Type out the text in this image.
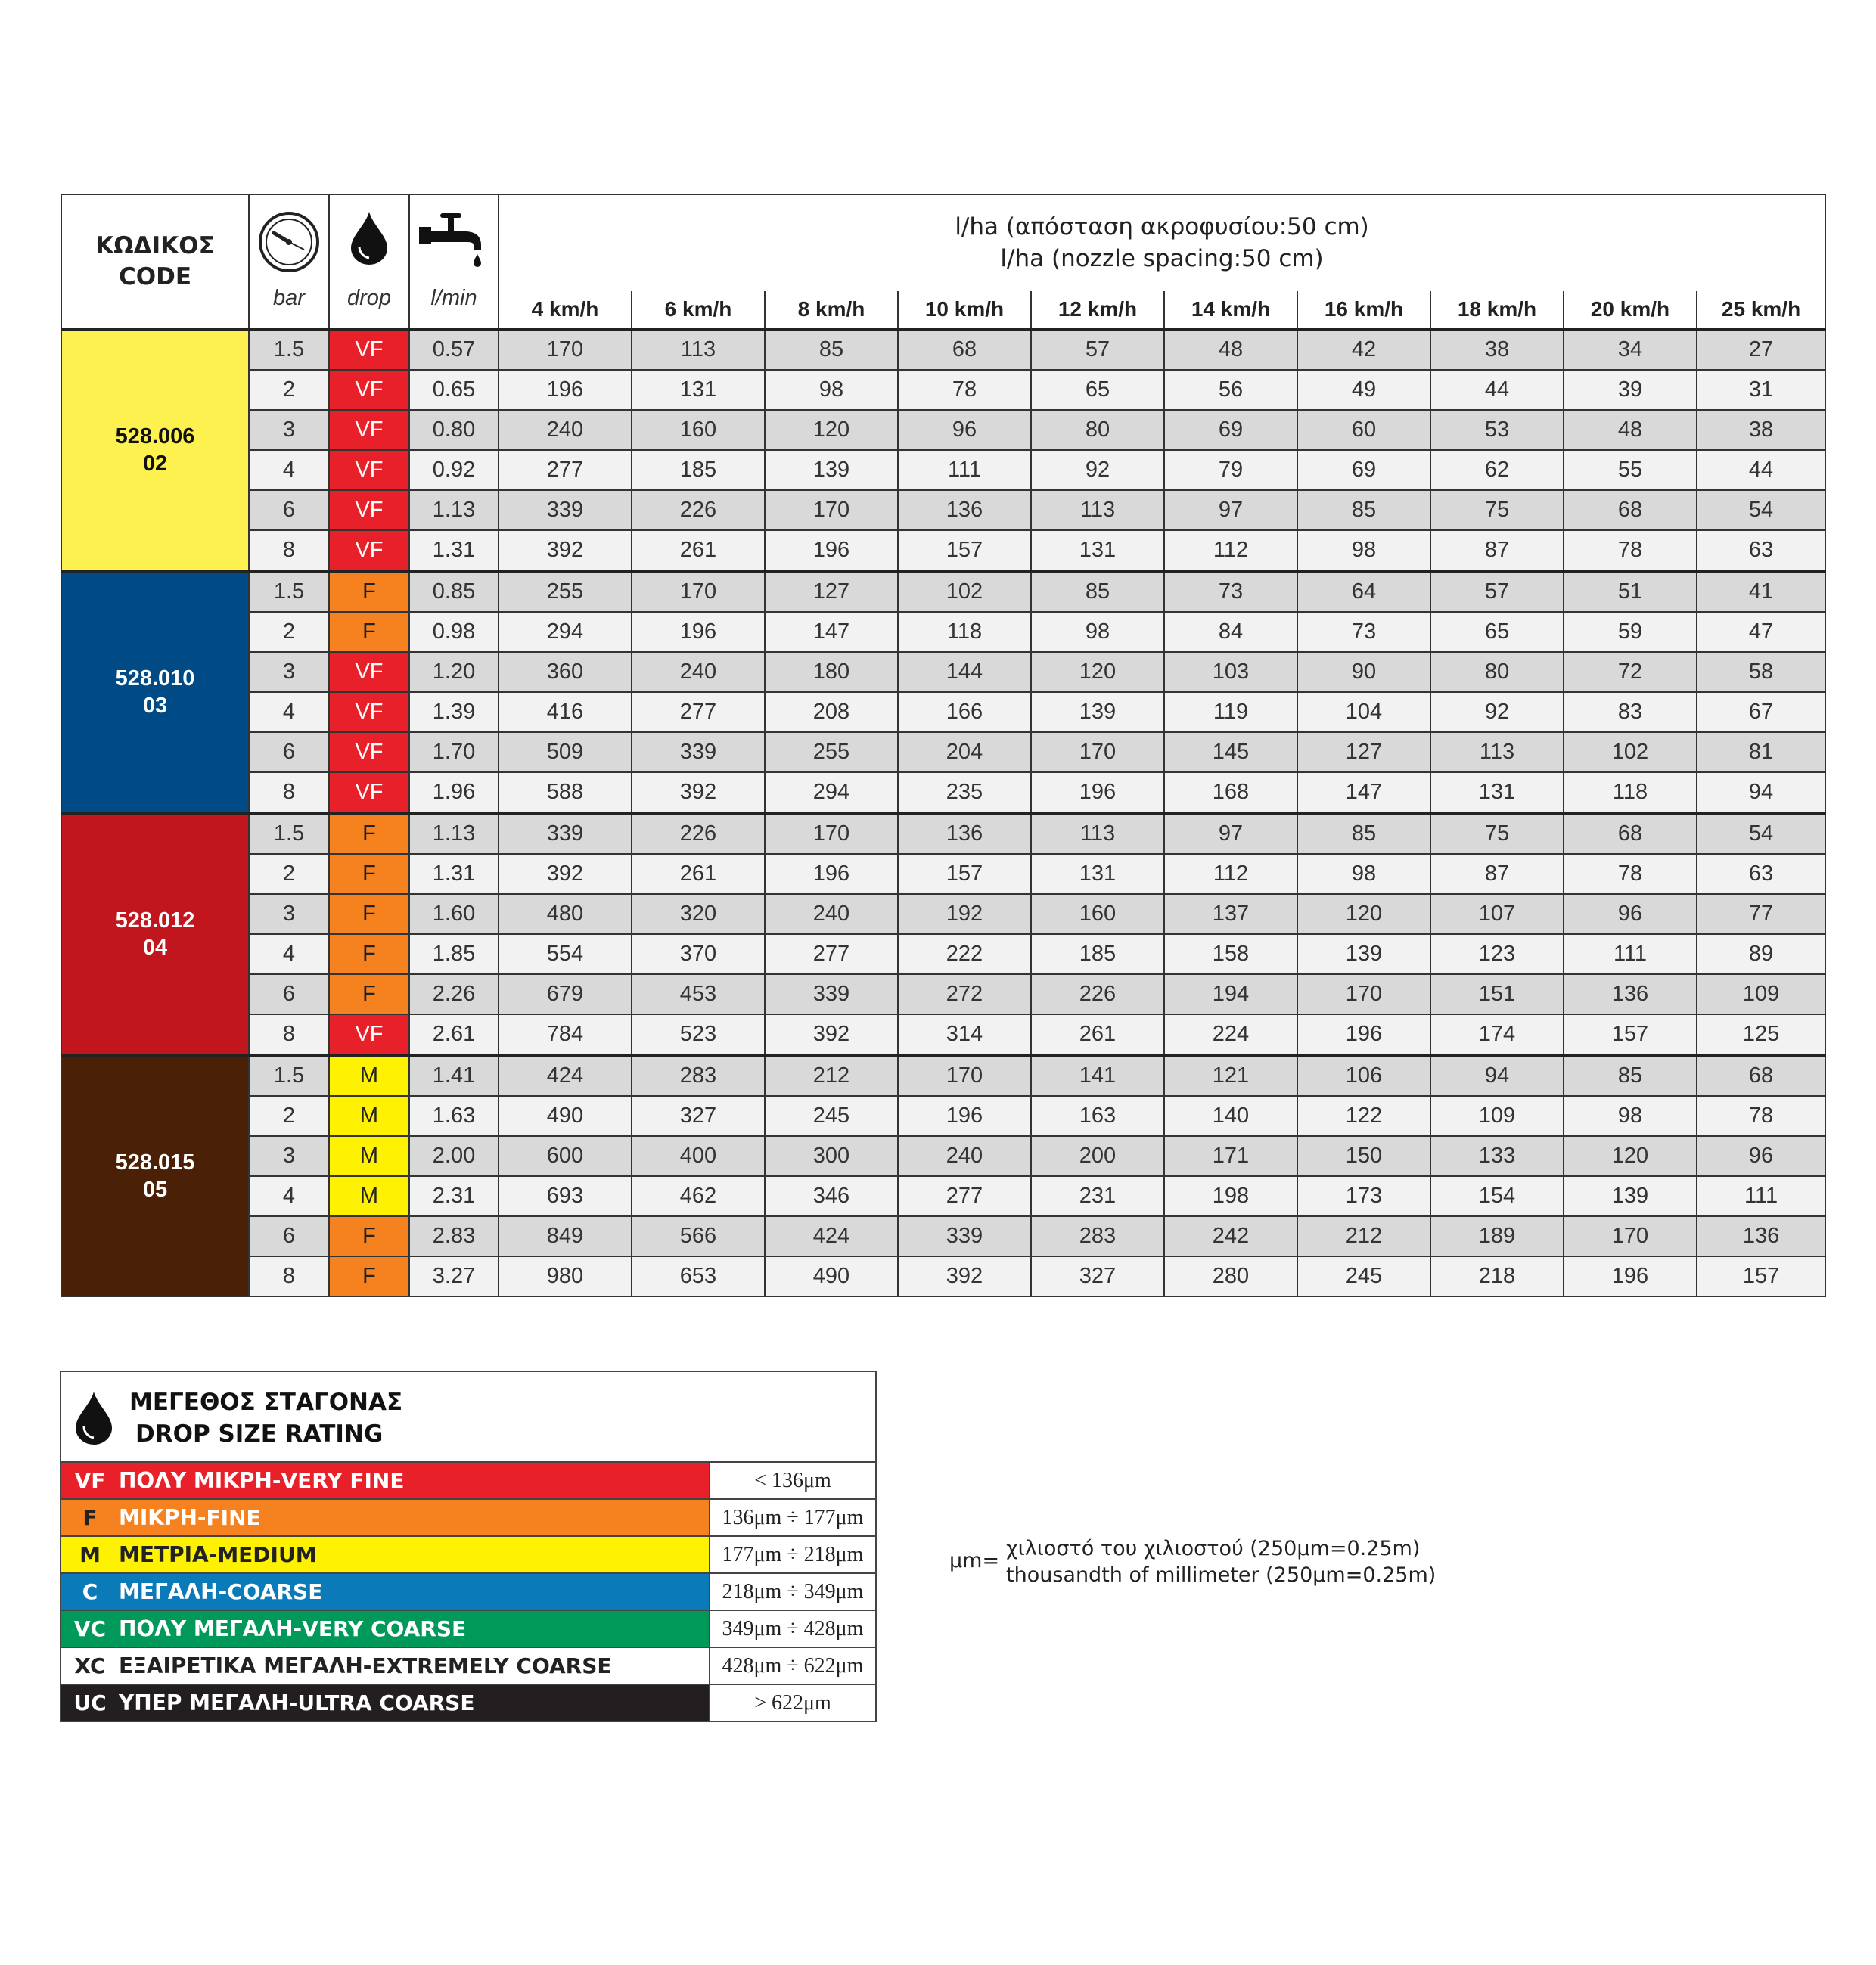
ΚΩΔΙΚΟΣ
CODE	bar	drop	l/min	l/ha (απόσταση ακροφυσίου:50 cm)
l/ha (nozzle spacing:50 cm)									

				4 km/h	6 km/h	8 km/h	10 km/h	12 km/h	14 km/h	16 km/h	18 km/h	20 km/h	25 km/h

528.006
02	1.5	VF	0.57	170	113	85	68	57	48	42	38	34	27
	2	VF	0.65	196	131	98	78	65	56	49	44	39	31
	3	VF	0.80	240	160	120	96	80	69	60	53	48	38
	4	VF	0.92	277	185	139	111	92	79	69	62	55	44
	6	VF	1.13	339	226	170	136	113	97	85	75	68	54
	8	VF	1.31	392	261	196	157	131	112	98	87	78	63

528.010
03	1.5	F	0.85	255	170	127	102	85	73	64	57	51	41
	2	F	0.98	294	196	147	118	98	84	73	65	59	47
	3	VF	1.20	360	240	180	144	120	103	90	80	72	58
	4	VF	1.39	416	277	208	166	139	119	104	92	83	67
	6	VF	1.70	509	339	255	204	170	145	127	113	102	81
	8	VF	1.96	588	392	294	235	196	168	147	131	118	94

528.012
04	1.5	F	1.13	339	226	170	136	113	97	85	75	68	54
	2	F	1.31	392	261	196	157	131	112	98	87	78	63
	3	F	1.60	480	320	240	192	160	137	120	107	96	77
	4	F	1.85	554	370	277	222	185	158	139	123	111	89
	6	F	2.26	679	453	339	272	226	194	170	151	136	109
	8	VF	2.61	784	523	392	314	261	224	196	174	157	125

528.015
05	1.5	M	1.41	424	283	212	170	141	121	106	94	85	68
	2	M	1.63	490	327	245	196	163	140	122	109	98	78
	3	M	2.00	600	400	300	240	200	171	150	133	120	96
	4	M	2.31	693	462	346	277	231	198	173	154	139	111
	6	F	2.83	849	566	424	339	283	242	212	189	170	136
	8	F	3.27	980	653	490	392	327	280	245	218	196	157
ΜΕΓΕΘΟΣ ΣΤΑΓΟΝΑΣ
DROP SIZE RATING
VF ΠΟΛΥ ΜΙΚΡΗ-VERY FINE	< 136μm
F	ΜΙΚΡΗ-FINE	136μm ÷ 177μm
M ΜΕΤΡΙΑ-MEDIUM	177μm ÷ 218μm
C ΜΕΓΑΛΗ-COARSE	218μm ÷ 349μm
VC ΠΟΛΥ ΜΕΓΑΛΗ-VERY COARSE	349μm ÷ 428μm
XC ΕΞΑΙΡΕΤΙΚΑ ΜΕΓΑΛΗ-EXTREMELY COARSE	428μm ÷ 622μm
UC ΥΠΕΡ ΜΕΓΑΛΗ-ULTRA COARSE	> 622μm
μm=
χιλιοστό του χιλιοστού (250μm=0.25m)
thousandth of millimeter (250μm=0.25m)
